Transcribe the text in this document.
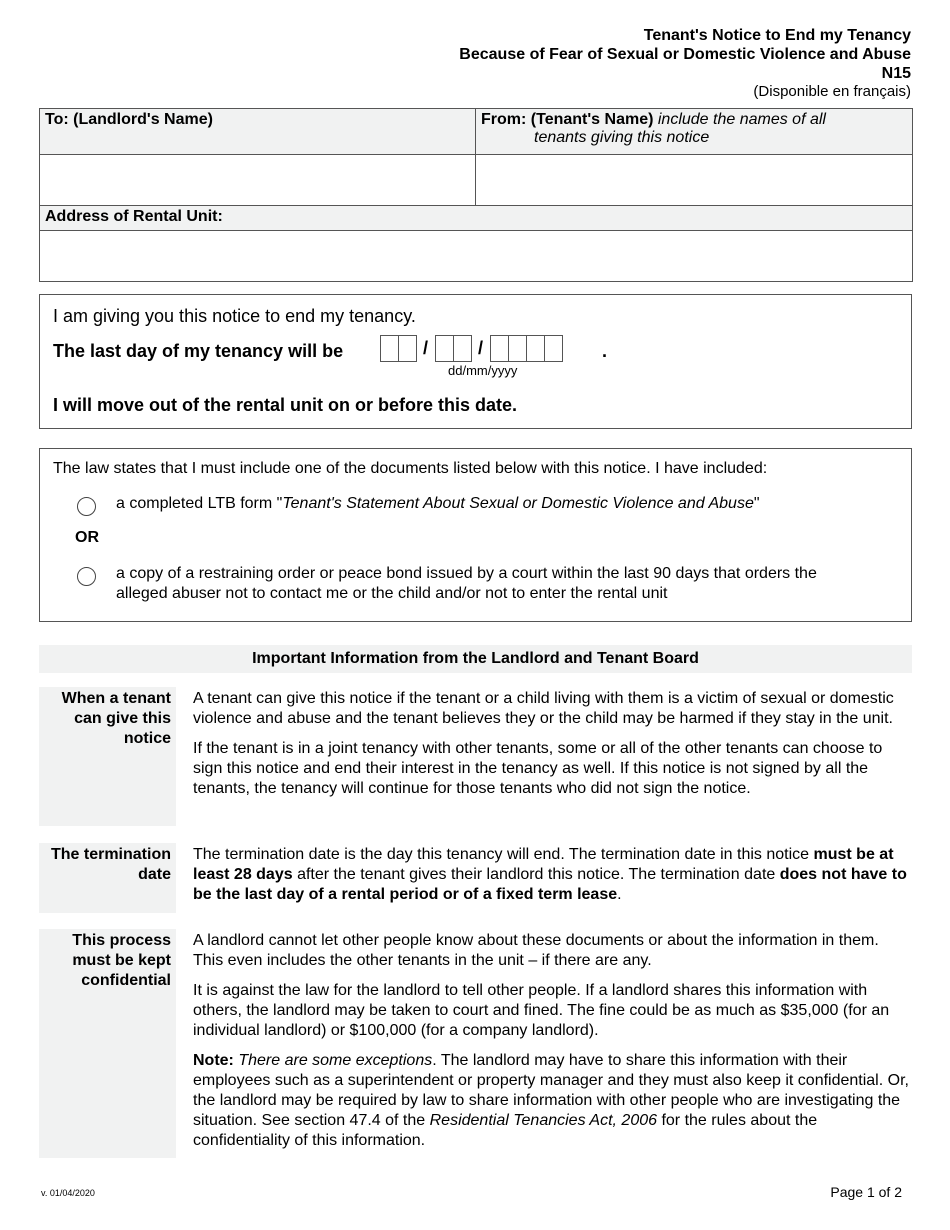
Tenant's Notice to End my Tenancy
Because of Fear of Sexual or Domestic Violence and Abuse
N15
(Disponible en français)
To: (Landlord's Name)	From: (Tenant's Name) include the names of all
tenants giving this notice

Address of Rental Unit:	

I am giving you this notice to end my tenancy.
The last day of my tenancy will be	/	/	.
dd/mm/yyyy
I will move out of the rental unit on or before this date.
The law states that I must include one of the documents listed below with this notice. I have included:
a completed LTB form "Tenant's Statement About Sexual or Domestic Violence and Abuse"
OR
a copy of a restraining order or peace bond issued by a court within the last 90 days that orders the
alleged abuser not to contact me or the child and/or not to enter the rental unit
Important Information from the Landlord and Tenant Board
When a tenant
can give this
notice

A tenant can give this notice if the tenant or a child living with them is a victim of sexual or domestic violence and abuse and the tenant believes they or the child may be harmed if they stay in the unit.

If the tenant is in a joint tenancy with other tenants, some or all of the other tenants can choose to sign this notice and end their interest in the tenancy as well. If this notice is not signed by all the tenants, the tenancy will continue for those tenants who did not sign the notice.

The termination
date

The termination date is the day this tenancy will end. The termination date in this notice must be at least 28 days after the tenant gives their landlord this notice. The termination date does not have to be the last day of a rental period or of a fixed term lease.

This process
must be kept
confidential

A landlord cannot let other people know about these documents or about the information in them. This even includes the other tenants in the unit – if there are any.

It is against the law for the landlord to tell other people. If a landlord shares this information with others, the landlord may be taken to court and fined. The fine could be as much as $35,000 (for an individual landlord) or $100,000 (for a company landlord).

Note: There are some exceptions. The landlord may have to share this information with their employees such as a superintendent or property manager and they must also keep it confidential. Or, the landlord may be required by law to share information with other people who are investigating the situation. See section 47.4 of the Residential Tenancies Act, 2006 for the rules about the confidentiality of this information.

v. 01/04/2020	Page 1 of 2
